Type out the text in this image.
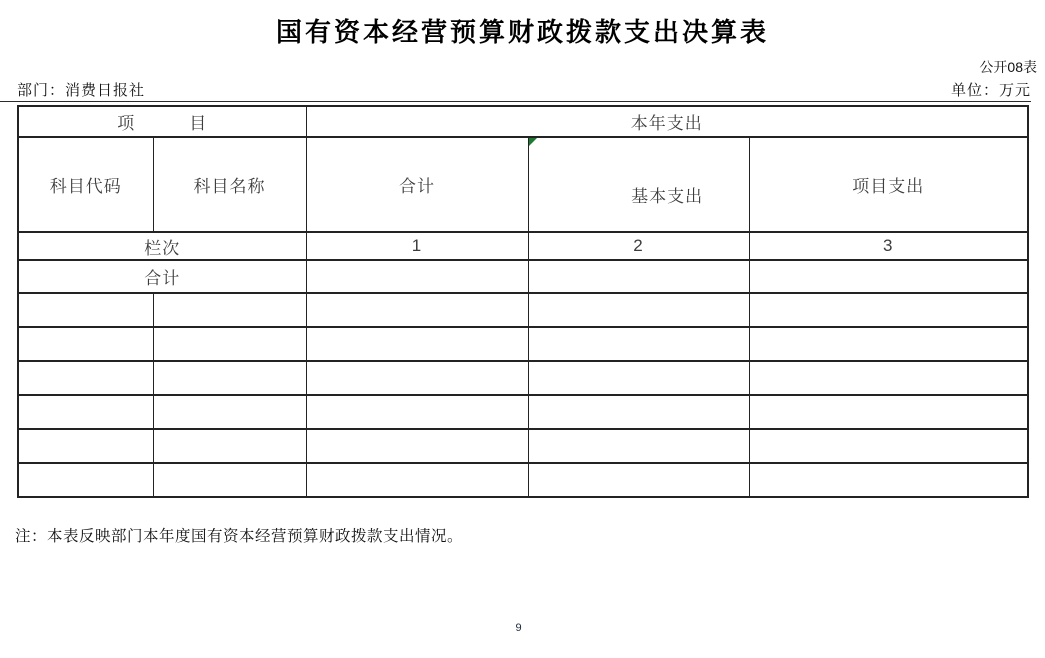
国有资本经营预算财政拨款支出决算表
公开08表
部门：消费日报社	单位：万元
项　　　目		本年支出		
科目代码	科目名称	合计	基本支出	项目支出
栏次		1	2	3
合计				

注：本表反映部门本年度国有资本经营预算财政拨款支出情况。
9
